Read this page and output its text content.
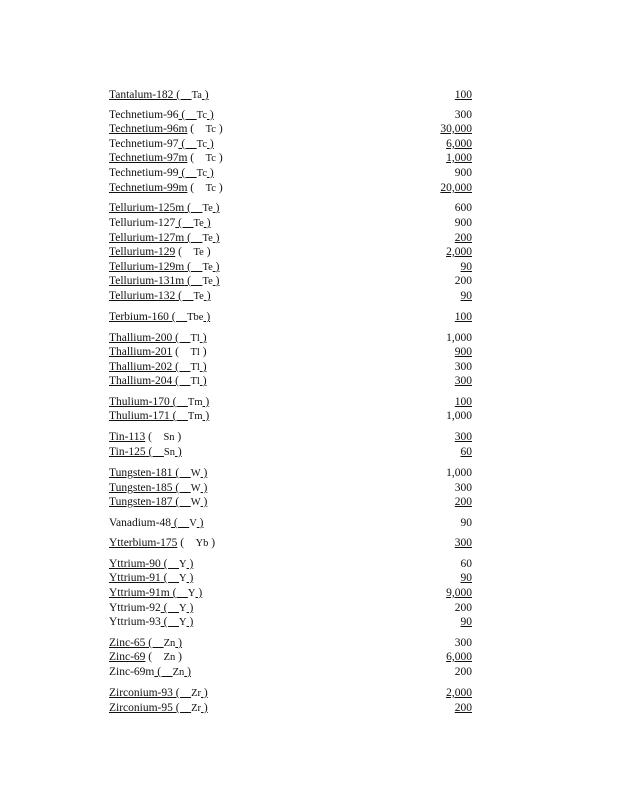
Tantalum-182 (    Ta )	100
Technetium-96 (    Tc )	300
Technetium-96m (    Tc )	30,000
Technetium-97 (    Tc )	6,000
Technetium-97m (    Tc )	1,000
Technetium-99 (    Tc )	900
Technetium-99m (    Tc )	20,000
Tellurium-125m (    Te )	600
Tellurium-127 (    Te )	900
Tellurium-127m (    Te )	200
Tellurium-129 (    Te )	2,000
Tellurium-129m (    Te )	90
Tellurium-131m (    Te )	200
Tellurium-132 (    Te )	90
Terbium-160 (    Tbe )	100
Thallium-200 (    Tl )	1,000
Thallium-201 (    Tl )	900
Thallium-202 (    Tl )	300
Thallium-204 (    Tl )	300
Thulium-170 (    Tm )	100
Thulium-171 (    Tm )	1,000
Tin-113 (    Sn )	300
Tin-125 (    Sn )	60
Tungsten-181 (    W )	1,000
Tungsten-185 (    W )	300
Tungsten-187 (    W )	200
Vanadium-48 (    V )	90
Ytterbium-175 (    Yb )	300
Yttrium-90 (    Y )	60
Yttrium-91 (    Y )	90
Yttrium-91m (    Y )	9,000
Yttrium-92 (    Y )	200
Yttrium-93 (    Y )	90
Zinc-65 (    Zn )	300
Zinc-69 (    Zn )	6,000
Zinc-69m (    Zn )	200
Zirconium-93 (    Zr )	2,000
Zirconium-95 (    Zr )	200
